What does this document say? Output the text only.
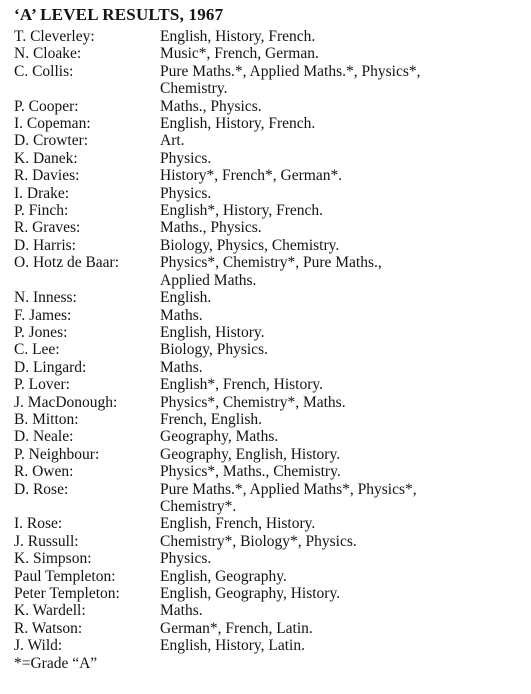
‘A’ LEVEL RESULTS, 1967
T. Cleverley:	English, History, French.
N. Cloake:	Music*, French, German.
C. Collis:	Pure Maths.*, Applied Maths.*, Physics*,
Chemistry.
P. Cooper:	Maths., Physics.
I. Copeman:	English, History, French.
D. Crowter:	Art.
K. Danek:	Physics.
R. Davies:	History*, French*, German*.
I. Drake:	Physics.
P. Finch:	English*, History, French.
R. Graves:	Maths., Physics.
D. Harris:	Biology, Physics, Chemistry.
O. Hotz de Baar:	Physics*, Chemistry*, Pure Maths.,
Applied Maths.
N. Inness:	English.
F. James:	Maths.
P. Jones:	English, History.
C. Lee:	Biology, Physics.
D. Lingard:	Maths.
P. Lover:	English*, French, History.
J. MacDonough:	Physics*, Chemistry*, Maths.
B. Mitton:	French, English.
D. Neale:	Geography, Maths.
P. Neighbour:	Geography, English, History.
R. Owen:	Physics*, Maths., Chemistry.
D. Rose:	Pure Maths.*, Applied Maths*, Physics*,
Chemistry*.
I. Rose:	English, French, History.
J. Russull:	Chemistry*, Biology*, Physics.
K. Simpson:	Physics.
Paul Templeton:	English, Geography.
Peter Templeton:	English, Geography, History.
K. Wardell:	Maths.
R. Watson:	German*, French, Latin.
J. Wild:	English, History, Latin.

*=Grade “A”
